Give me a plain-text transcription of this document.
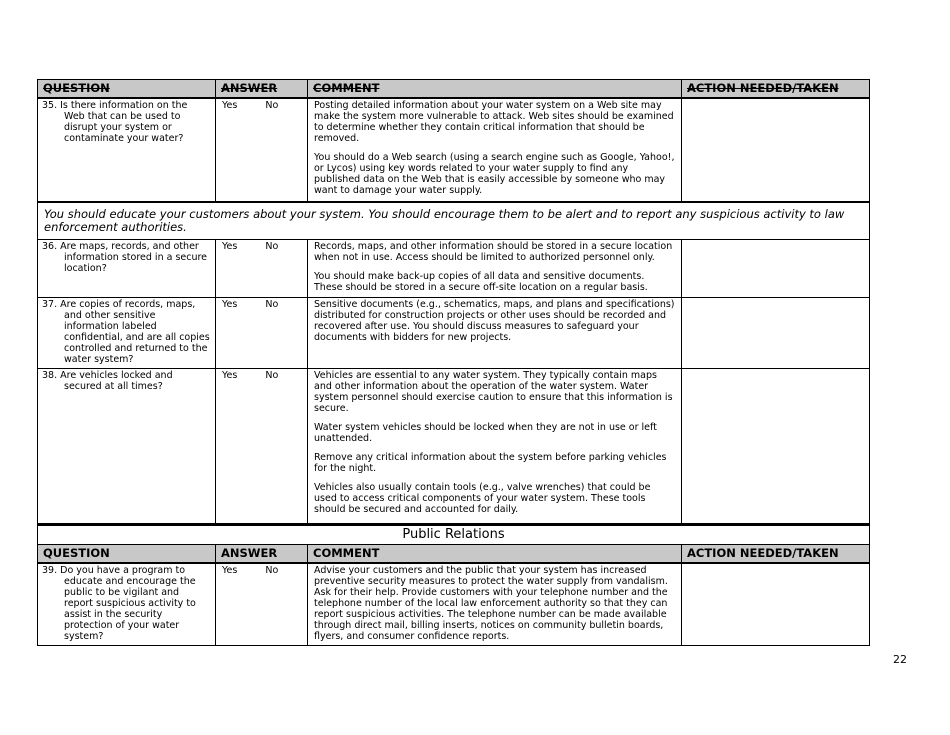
QUESTION	ANSWER	COMMENT	ACTION NEEDED/TAKEN
35. Is there information on the Web that can be used to disrupt your system or contaminate your water?	Yes No	Posting detailed information about your water system on a Web site may make the system more vulnerable to attack. Web sites should be examined to determine whether they contain critical information that should be removed.

You should do a Web search (using a search engine such as Google, Yahoo!, or Lycos) using key words related to your water supply to find any published data on the Web that is easily accessible by someone who may want to damage your water supply.	

You should educate your customers about your system. You should encourage them to be alert and to report any suspicious activity to law enforcement authorities.			
36. Are maps, records, and other information stored in a secure location?	Yes No	Records, maps, and other information should be stored in a secure location when not in use. Access should be limited to authorized personnel only.

You should make back-up copies of all data and sensitive documents. These should be stored in a secure off-site location on a regular basis.	

37. Are copies of records, maps, and other sensitive information labeled confidential, and are all copies controlled and returned to the water system?	Yes No	Sensitive documents (e.g., schematics, maps, and plans and specifications) distributed for construction projects or other uses should be recorded and recovered after use. You should discuss measures to safeguard your documents with bidders for new projects.	

38. Are vehicles locked and secured at all times?	Yes No	Vehicles are essential to any water system. They typically contain maps and other information about the operation of the water system. Water system personnel should exercise caution to ensure that this information is secure.

Water system vehicles should be locked when they are not in use or left unattended.

Remove any critical information about the system before parking vehicles for the night.

Vehicles also usually contain tools (e.g., valve wrenches) that could be used to access critical components of your water system. These tools should be secured and accounted for daily.	

Public Relations			
QUESTION	ANSWER	COMMENT	ACTION NEEDED/TAKEN
39. Do you have a program to educate and encourage the public to be vigilant and report suspicious activity to assist in the security protection of your water system?	Yes No	Advise your customers and the public that your system has increased preventive security measures to protect the water supply from vandalism. Ask for their help. Provide customers with your telephone number and the telephone number of the local law enforcement authority so that they can report suspicious activities. The telephone number can be made available through direct mail, billing inserts, notices on community bulletin boards, flyers, and consumer confidence reports.	

22
